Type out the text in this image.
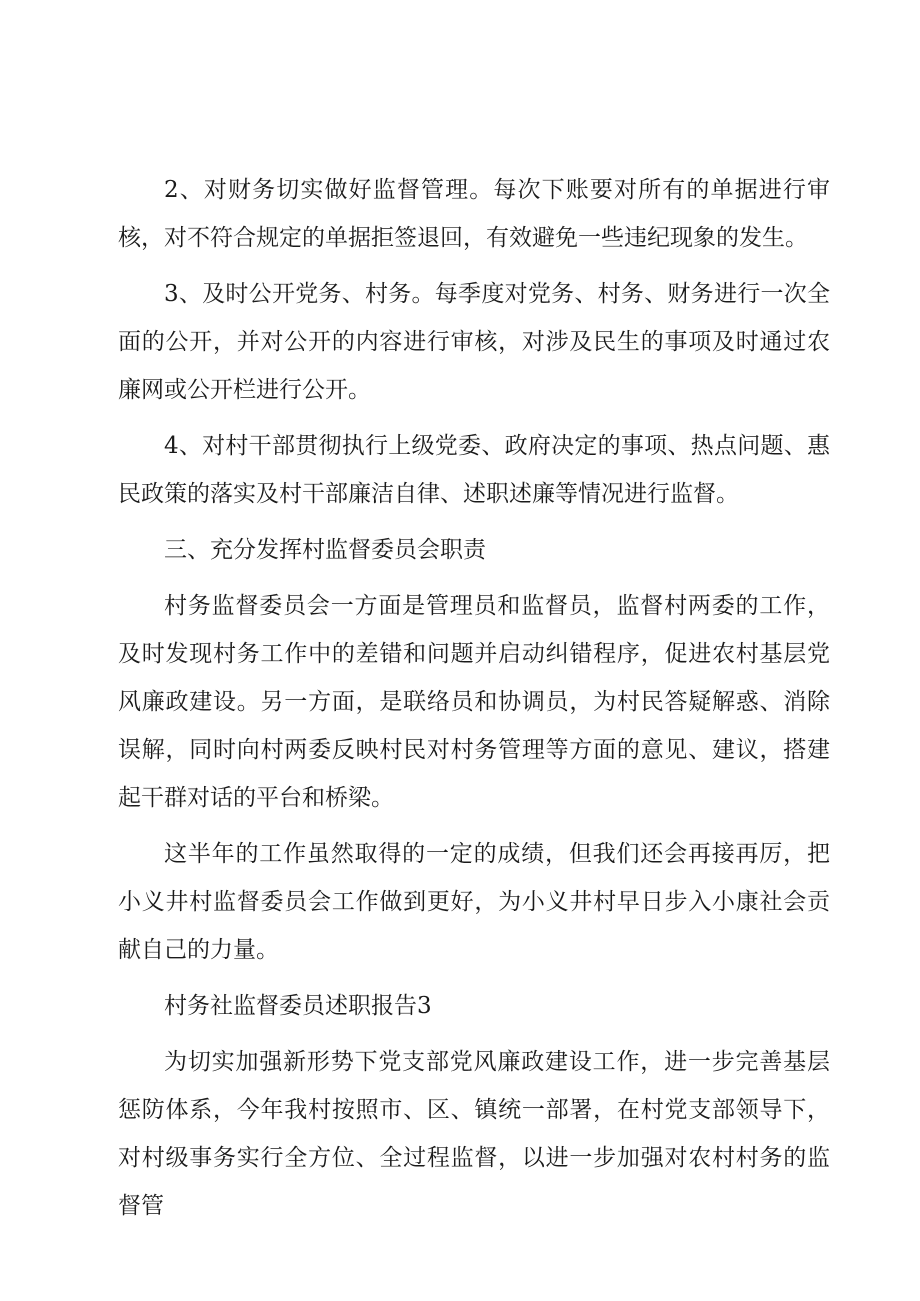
2、对财务切实做好监督管理。每次下账要对所有的单据进行审核，对不符合规定的单据拒签退回，有效避免一些违纪现象的发生。

3、及时公开党务、村务。每季度对党务、村务、财务进行一次全面的公开，并对公开的内容进行审核，对涉及民生的事项及时通过农廉网或公开栏进行公开。

4、对村干部贯彻执行上级党委、政府决定的事项、热点问题、惠民政策的落实及村干部廉洁自律、述职述廉等情况进行监督。

三、充分发挥村监督委员会职责

村务监督委员会一方面是管理员和监督员，监督村两委的工作，及时发现村务工作中的差错和问题并启动纠错程序，促进农村基层党风廉政建设。另一方面，是联络员和协调员，为村民答疑解惑、消除误解，同时向村两委反映村民对村务管理等方面的意见、建议，搭建起干群对话的平台和桥梁。

这半年的工作虽然取得的一定的成绩，但我们还会再接再厉，把小义井村监督委员会工作做到更好，为小义井村早日步入小康社会贡献自己的力量。

村务社监督委员述职报告3

为切实加强新形势下党支部党风廉政建设工作，进一步完善基层惩防体系，今年我村按照市、区、镇统一部署，在村党支部领导下，对村级事务实行全方位、全过程监督，以进一步加强对农村村务的监督管
